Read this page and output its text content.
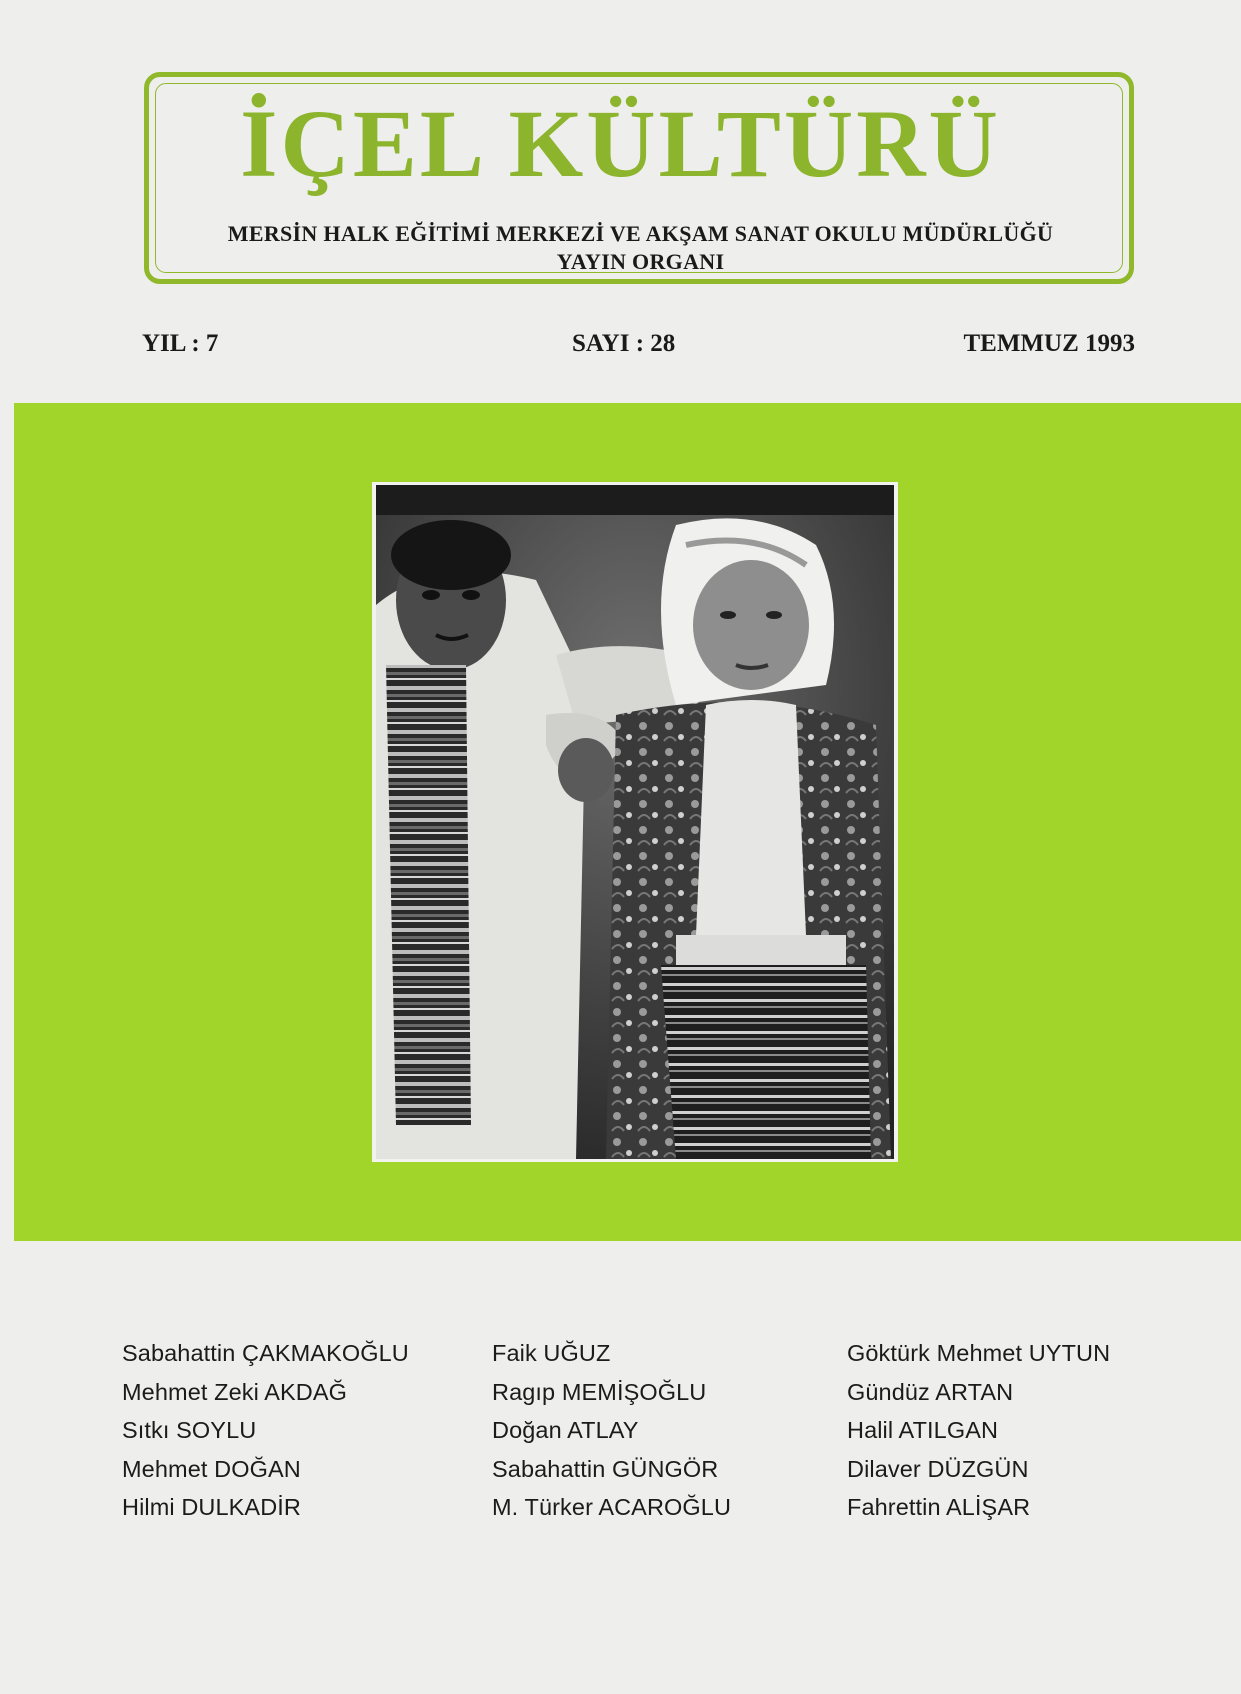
İÇEL KÜLTÜRÜ
MERSİN HALK EĞİTİMİ MERKEZİ VE AKŞAM SANAT OKULU MÜDÜRLÜĞÜ
YAYIN ORGANI
YIL : 7	SAYI : 28	TEMMUZ 1993
Sabahattin ÇAKMAKOĞLU
Mehmet Zeki AKDAĞ
Sıtkı SOYLU
Mehmet DOĞAN
Hilmi DULKADİR
Faik UĞUZ
Ragıp MEMİŞOĞLU
Doğan ATLAY
Sabahattin GÜNGÖR
M. Türker ACAROĞLU
Göktürk Mehmet UYTUN
Gündüz ARTAN
Halil ATILGAN
Dilaver DÜZGÜN
Fahrettin ALİŞAR
